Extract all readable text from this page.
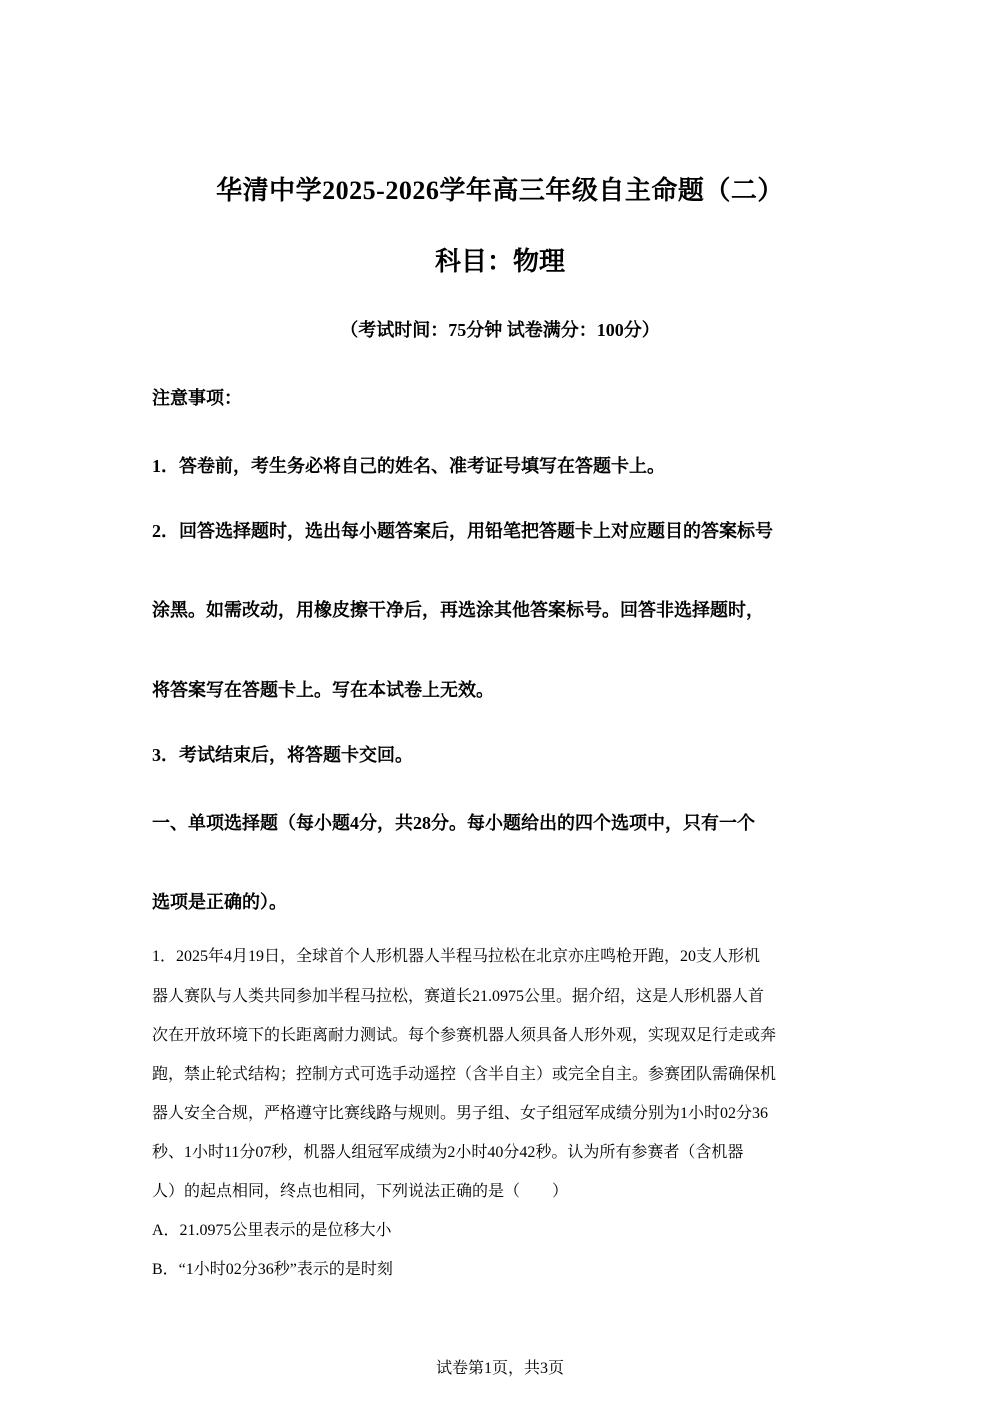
华清中学2025-2026学年高三年级自主命题（二）
科目：物理
（考试时间：75分钟 试卷满分：100分）
注意事项：
1．答卷前，考生务必将自己的姓名、准考证号填写在答题卡上。
2．回答选择题时，选出每小题答案后，用铅笔把答题卡上对应题目的答案标号
涂黑。如需改动，用橡皮擦干净后，再选涂其他答案标号。回答非选择题时，
将答案写在答题卡上。写在本试卷上无效。
3．考试结束后，将答题卡交回。
一、单项选择题（每小题4分，共28分。每小题给出的四个选项中，只有一个
选项是正确的）。
1．2025年4月19日，全球首个人形机器人半程马拉松在北京亦庄鸣枪开跑，20支人形机
器人赛队与人类共同参加半程马拉松，赛道长21.0975公里。据介绍，这是人形机器人首
次在开放环境下的长距离耐力测试。每个参赛机器人须具备人形外观，实现双足行走或奔
跑，禁止轮式结构；控制方式可选手动遥控（含半自主）或完全自主。参赛团队需确保机
器人安全合规，严格遵守比赛线路与规则。男子组、女子组冠军成绩分别为1小时02分36
秒、1小时11分07秒，机器人组冠军成绩为2小时40分42秒。认为所有参赛者（含机器
人）的起点相同，终点也相同，下列说法正确的是（　　）
A．21.0975公里表示的是位移大小
B．“1小时02分36秒”表示的是时刻
试卷第1页，共3页
